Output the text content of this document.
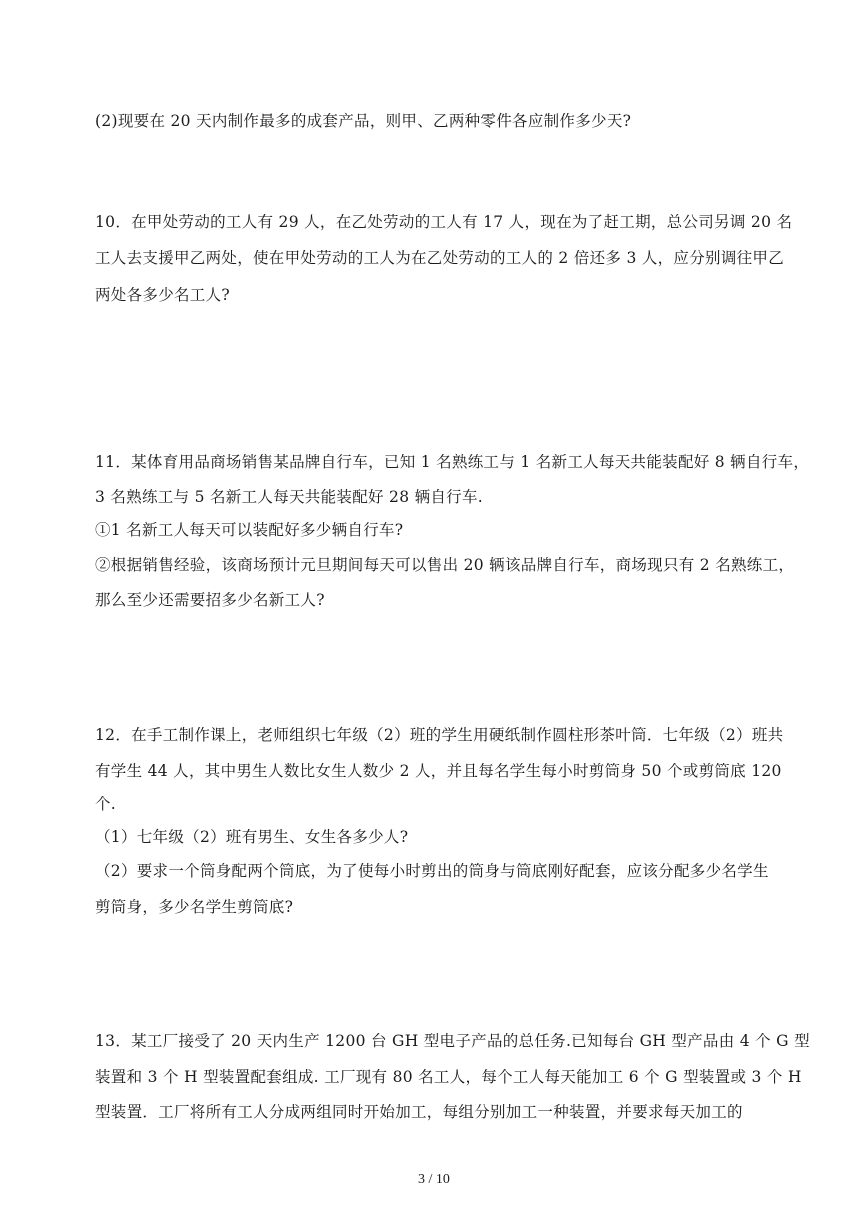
(2)现要在 20 天内制作最多的成套产品，则甲、乙两种零件各应制作多少天?
10．在甲处劳动的工人有 29 人，在乙处劳动的工人有 17 人，现在为了赶工期，总公司另调 20 名
工人去支援甲乙两处，使在甲处劳动的工人为在乙处劳动的工人的 2 倍还多 3 人，应分别调往甲乙
两处各多少名工人?
11．某体育用品商场销售某品牌自行车，已知 1 名熟练工与 1 名新工人每天共能装配好 8 辆自行车，
3 名熟练工与 5 名新工人每天共能装配好 28 辆自行车.
①1 名新工人每天可以装配好多少辆自行车?
②根据销售经验，该商场预计元旦期间每天可以售出 20 辆该品牌自行车，商场现只有 2 名熟练工，
那么至少还需要招多少名新工人?
12．在手工制作课上，老师组织七年级（2）班的学生用硬纸制作圆柱形茶叶筒．七年级（2）班共
有学生 44 人，其中男生人数比女生人数少 2 人，并且每名学生每小时剪筒身 50 个或剪筒底 120
个.
（1）七年级（2）班有男生、女生各多少人?
（2）要求一个筒身配两个筒底，为了使每小时剪出的筒身与筒底刚好配套，应该分配多少名学生
剪筒身，多少名学生剪筒底?
13．某工厂接受了 20 天内生产 1200 台 GH 型电子产品的总任务.已知每台 GH 型产品由 4 个 G 型
装置和 3 个 H 型装置配套组成. 工厂现有 80 名工人，每个工人每天能加工 6 个 G 型装置或 3 个 H
型装置．工厂将所有工人分成两组同时开始加工，每组分别加工一种装置，并要求每天加工的
3 / 10
